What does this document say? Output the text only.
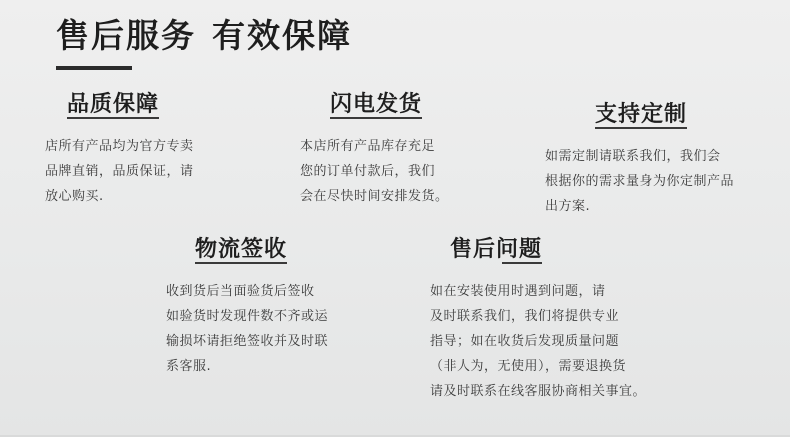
售后服务 有效保障
品质保障
店所有产品均为官方专卖
品牌直销，品质保证，请
放心购买.
闪电发货
本店所有产品库存充足
您的订单付款后，我们
会在尽快时间安排发货。
支持定制
如需定制请联系我们，我们会
根据你的需求量身为你定制产品
出方案.
物流签收
收到货后当面验货后签收
如验货时发现件数不齐或运
输损坏请拒绝签收并及时联
系客服.
售后问题
如在安装使用时遇到问题，请
及时联系我们，我们将提供专业
指导；如在收货后发现质量问题
（非人为，无使用），需要退换货
请及时联系在线客服协商相关事宜。
